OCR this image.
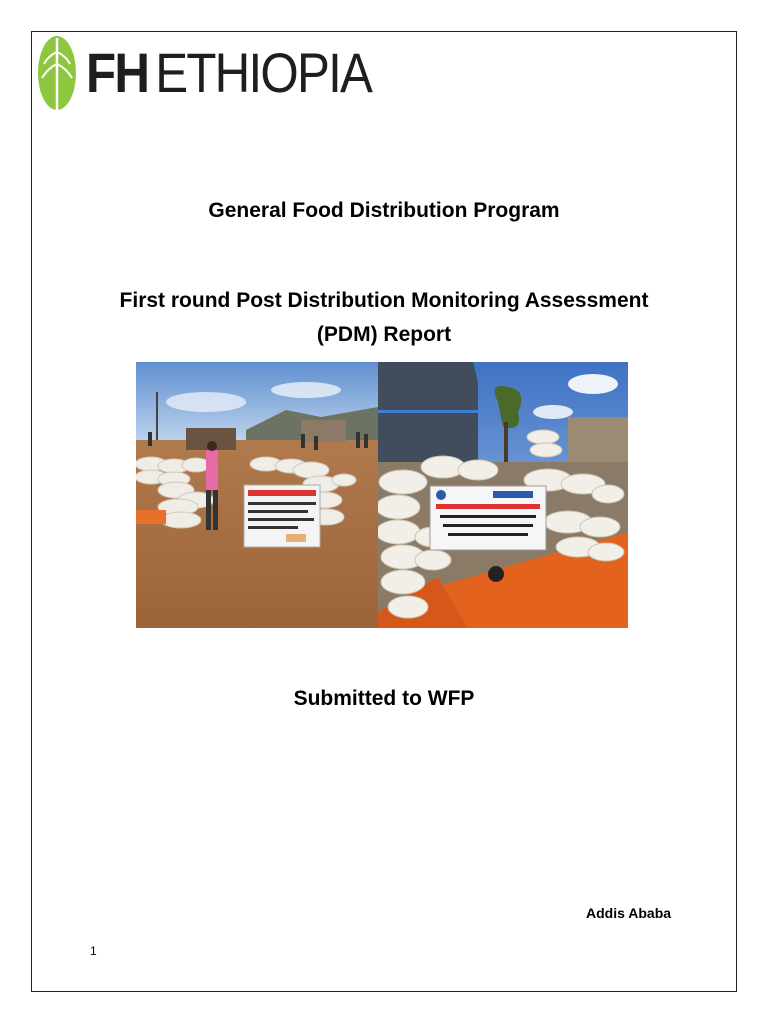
FH ETHIOPIA
General Food Distribution Program
First round Post Distribution Monitoring Assessment
(PDM) Report
Submitted to WFP
Addis Ababa
1
